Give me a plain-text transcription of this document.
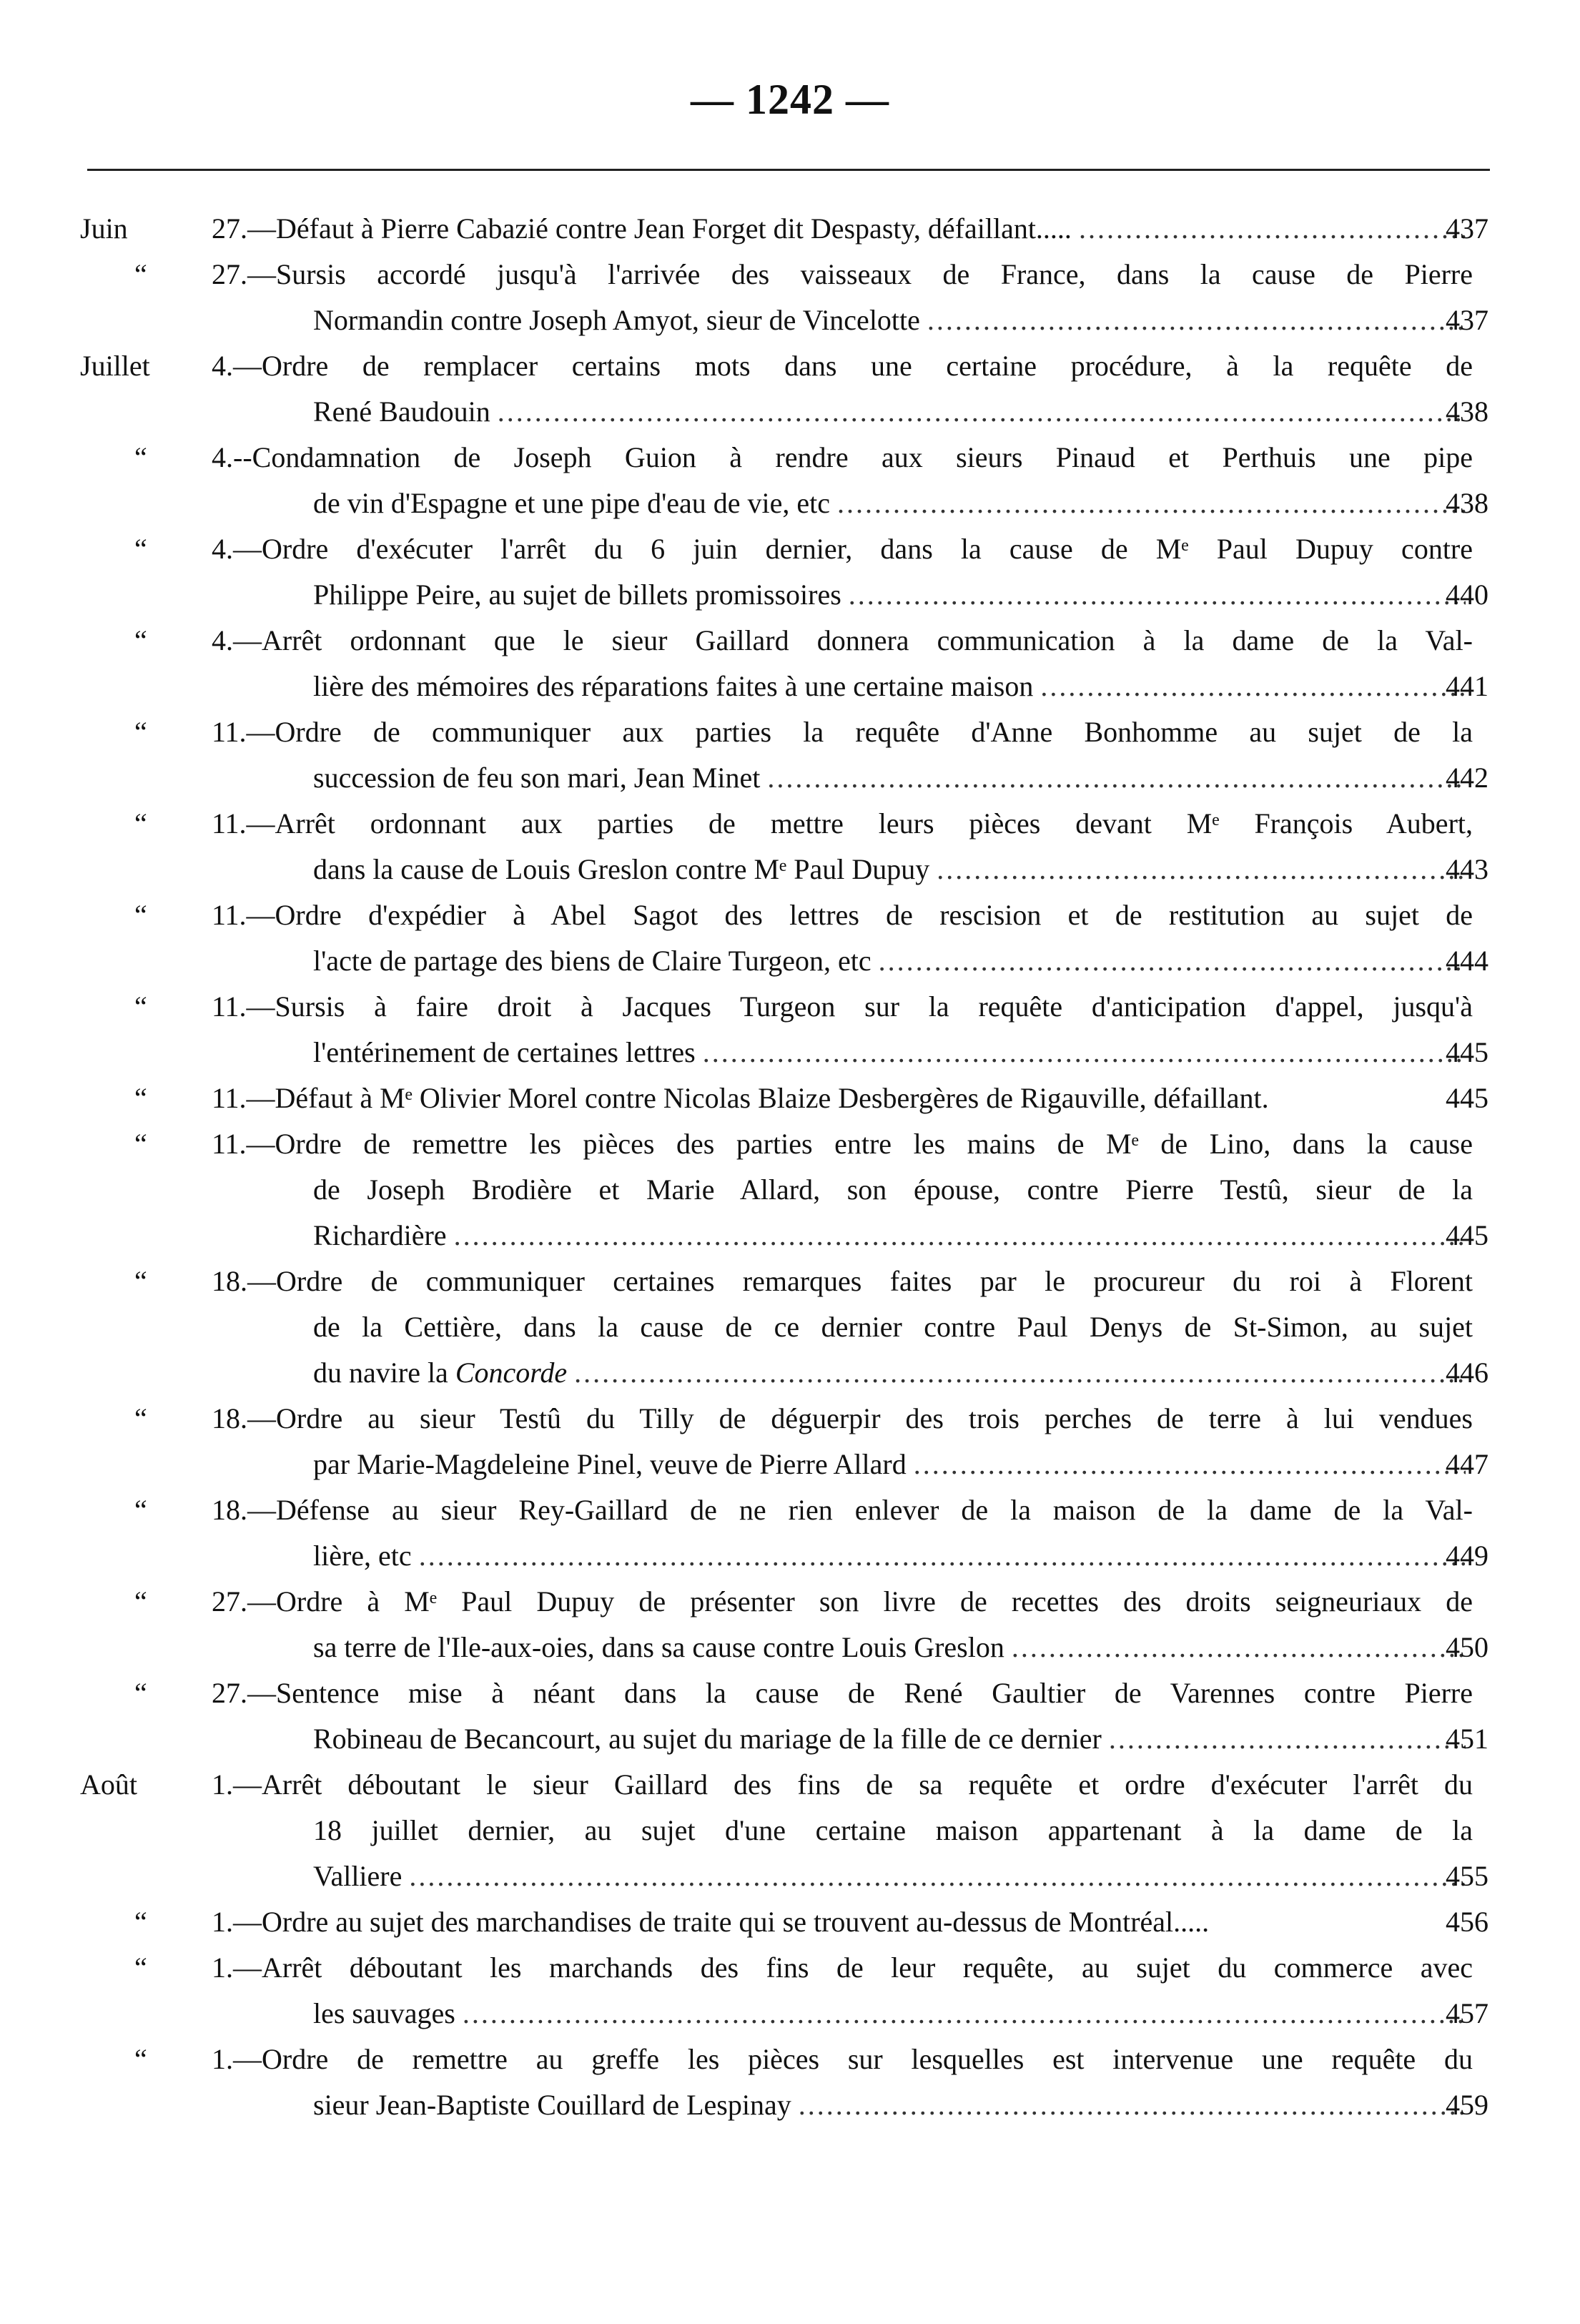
— 1242 —
Juin	27.—Défaut à Pierre Cabazié contre Jean Forget dit Despasty, défaillant..... .....	437
“	27.—Sursis accordé jusqu'à l'arrivée des vaisseaux de France, dans la cause de Pierre
Normandin contre Joseph Amyot, sieur de Vincelotte .....	437
Juillet	4.—Ordre de remplacer certains mots dans une certaine procédure, à la requête de
René Baudouin .....	438
“	4.--Condamnation de Joseph Guion à rendre aux sieurs Pinaud et Perthuis une pipe
de vin d'Espagne et une pipe d'eau de vie, etc .....	438
“	4.—Ordre d'exécuter l'arrêt du 6 juin dernier, dans la cause de Mᵉ Paul Dupuy contre
Philippe Peire, au sujet de billets promissoires .....	440
“	4.—Arrêt ordonnant que le sieur Gaillard donnera communication à la dame de la Val-
lière des mémoires des réparations faites à une certaine maison .....	441
“	11.—Ordre de communiquer aux parties la requête d'Anne Bonhomme au sujet de la
succession de feu son mari, Jean Minet .....	442
“	11.—Arrêt ordonnant aux parties de mettre leurs pièces devant Mᵉ François Aubert,
dans la cause de Louis Greslon contre Mᵉ Paul Dupuy .....	443
“	11.—Ordre d'expédier à Abel Sagot des lettres de rescision et de restitution au sujet de
l'acte de partage des biens de Claire Turgeon, etc .....	444
“	11.—Sursis à faire droit à Jacques Turgeon sur la requête d'anticipation d'appel, jusqu'à
l'entérinement de certaines lettres .....	445
“	11.—Défaut à Mᵉ Olivier Morel contre Nicolas Blaize Desbergères de Rigauville, défaillant.	445
“	11.—Ordre de remettre les pièces des parties entre les mains de Mᵉ de Lino, dans la cause
de Joseph Brodière et Marie Allard, son épouse, contre Pierre Testû, sieur de la
Richardière .....	445
“	18.—Ordre de communiquer certaines remarques faites par le procureur du roi à Florent
de la Cettière, dans la cause de ce dernier contre Paul Denys de St-Simon, au sujet
du navire la Concorde .....	446
“	18.—Ordre au sieur Testû du Tilly de déguerpir des trois perches de terre à lui vendues
par Marie-Magdeleine Pinel, veuve de Pierre Allard .....	447
“	18.—Défense au sieur Rey-Gaillard de ne rien enlever de la maison de la dame de la Val-
lière, etc .....	449
“	27.—Ordre à Mᵉ Paul Dupuy de présenter son livre de recettes des droits seigneuriaux de
sa terre de l'Ile-aux-oies, dans sa cause contre Louis Greslon .....	450
“	27.—Sentence mise à néant dans la cause de René Gaultier de Varennes contre Pierre
Robineau de Becancourt, au sujet du mariage de la fille de ce dernier .....	451
Août	1.—Arrêt déboutant le sieur Gaillard des fins de sa requête et ordre d'exécuter l'arrêt du
18 juillet dernier, au sujet d'une certaine maison appartenant à la dame de la
Valliere .....	455
“	1.—Ordre au sujet des marchandises de traite qui se trouvent au-dessus de Montréal.....	456
“	1.—Arrêt déboutant les marchands des fins de leur requête, au sujet du commerce avec
les sauvages .....	457
“	1.—Ordre de remettre au greffe les pièces sur lesquelles est intervenue une requête du
sieur Jean-Baptiste Couillard de Lespinay .....	459
